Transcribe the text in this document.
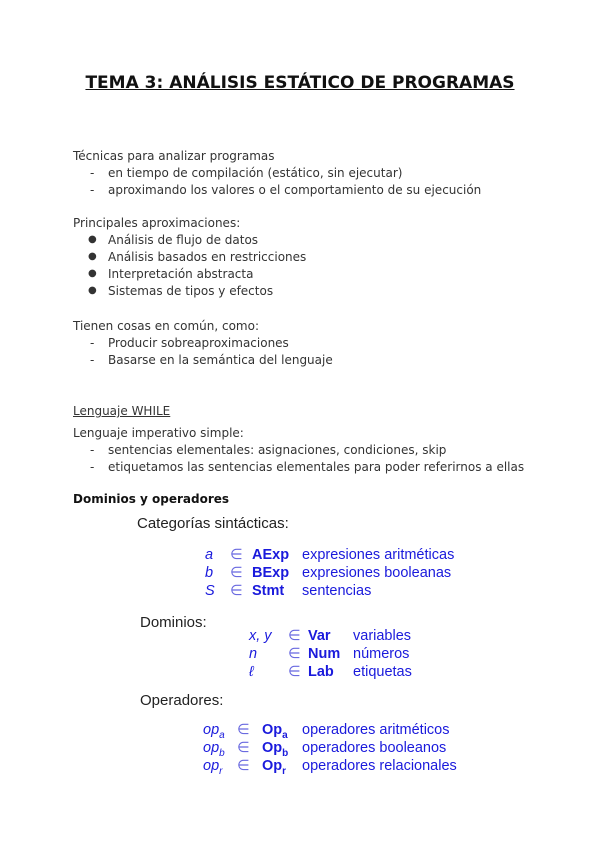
TEMA 3: ANÁLISIS ESTÁTICO DE PROGRAMAS
Técnicas para analizar programas
- en tiempo de compilación (estático, sin ejecutar)
- aproximando los valores o el comportamiento de su ejecución
Principales aproximaciones:
● Análisis de flujo de datos
● Análisis basados en restricciones
● Interpretación abstracta
● Sistemas de tipos y efectos
Tienen cosas en común, como:
- Producir sobreaproximaciones
- Basarse en la semántica del lenguaje
Lenguaje WHILE
Lenguaje imperativo simple:
- sentencias elementales: asignaciones, condiciones, skip
- etiquetamos las sentencias elementales para poder referirnos a ellas
Dominios y operadores
Categorías sintácticas:
a ∈ AExp expresiones aritméticas
b ∈ BExp expresiones booleanas
S ∈ Stmt sentencias
Dominios:
x, y ∈ Var variables
n ∈ Num números
ℓ ∈ Lab etiquetas
Operadores:
$op_a$ ∈ $Op_a$ operadores aritméticos
$op_b$ ∈ $Op_b$ operadores booleanos
$op_r$ ∈ $Op_r$ operadores relacionales
